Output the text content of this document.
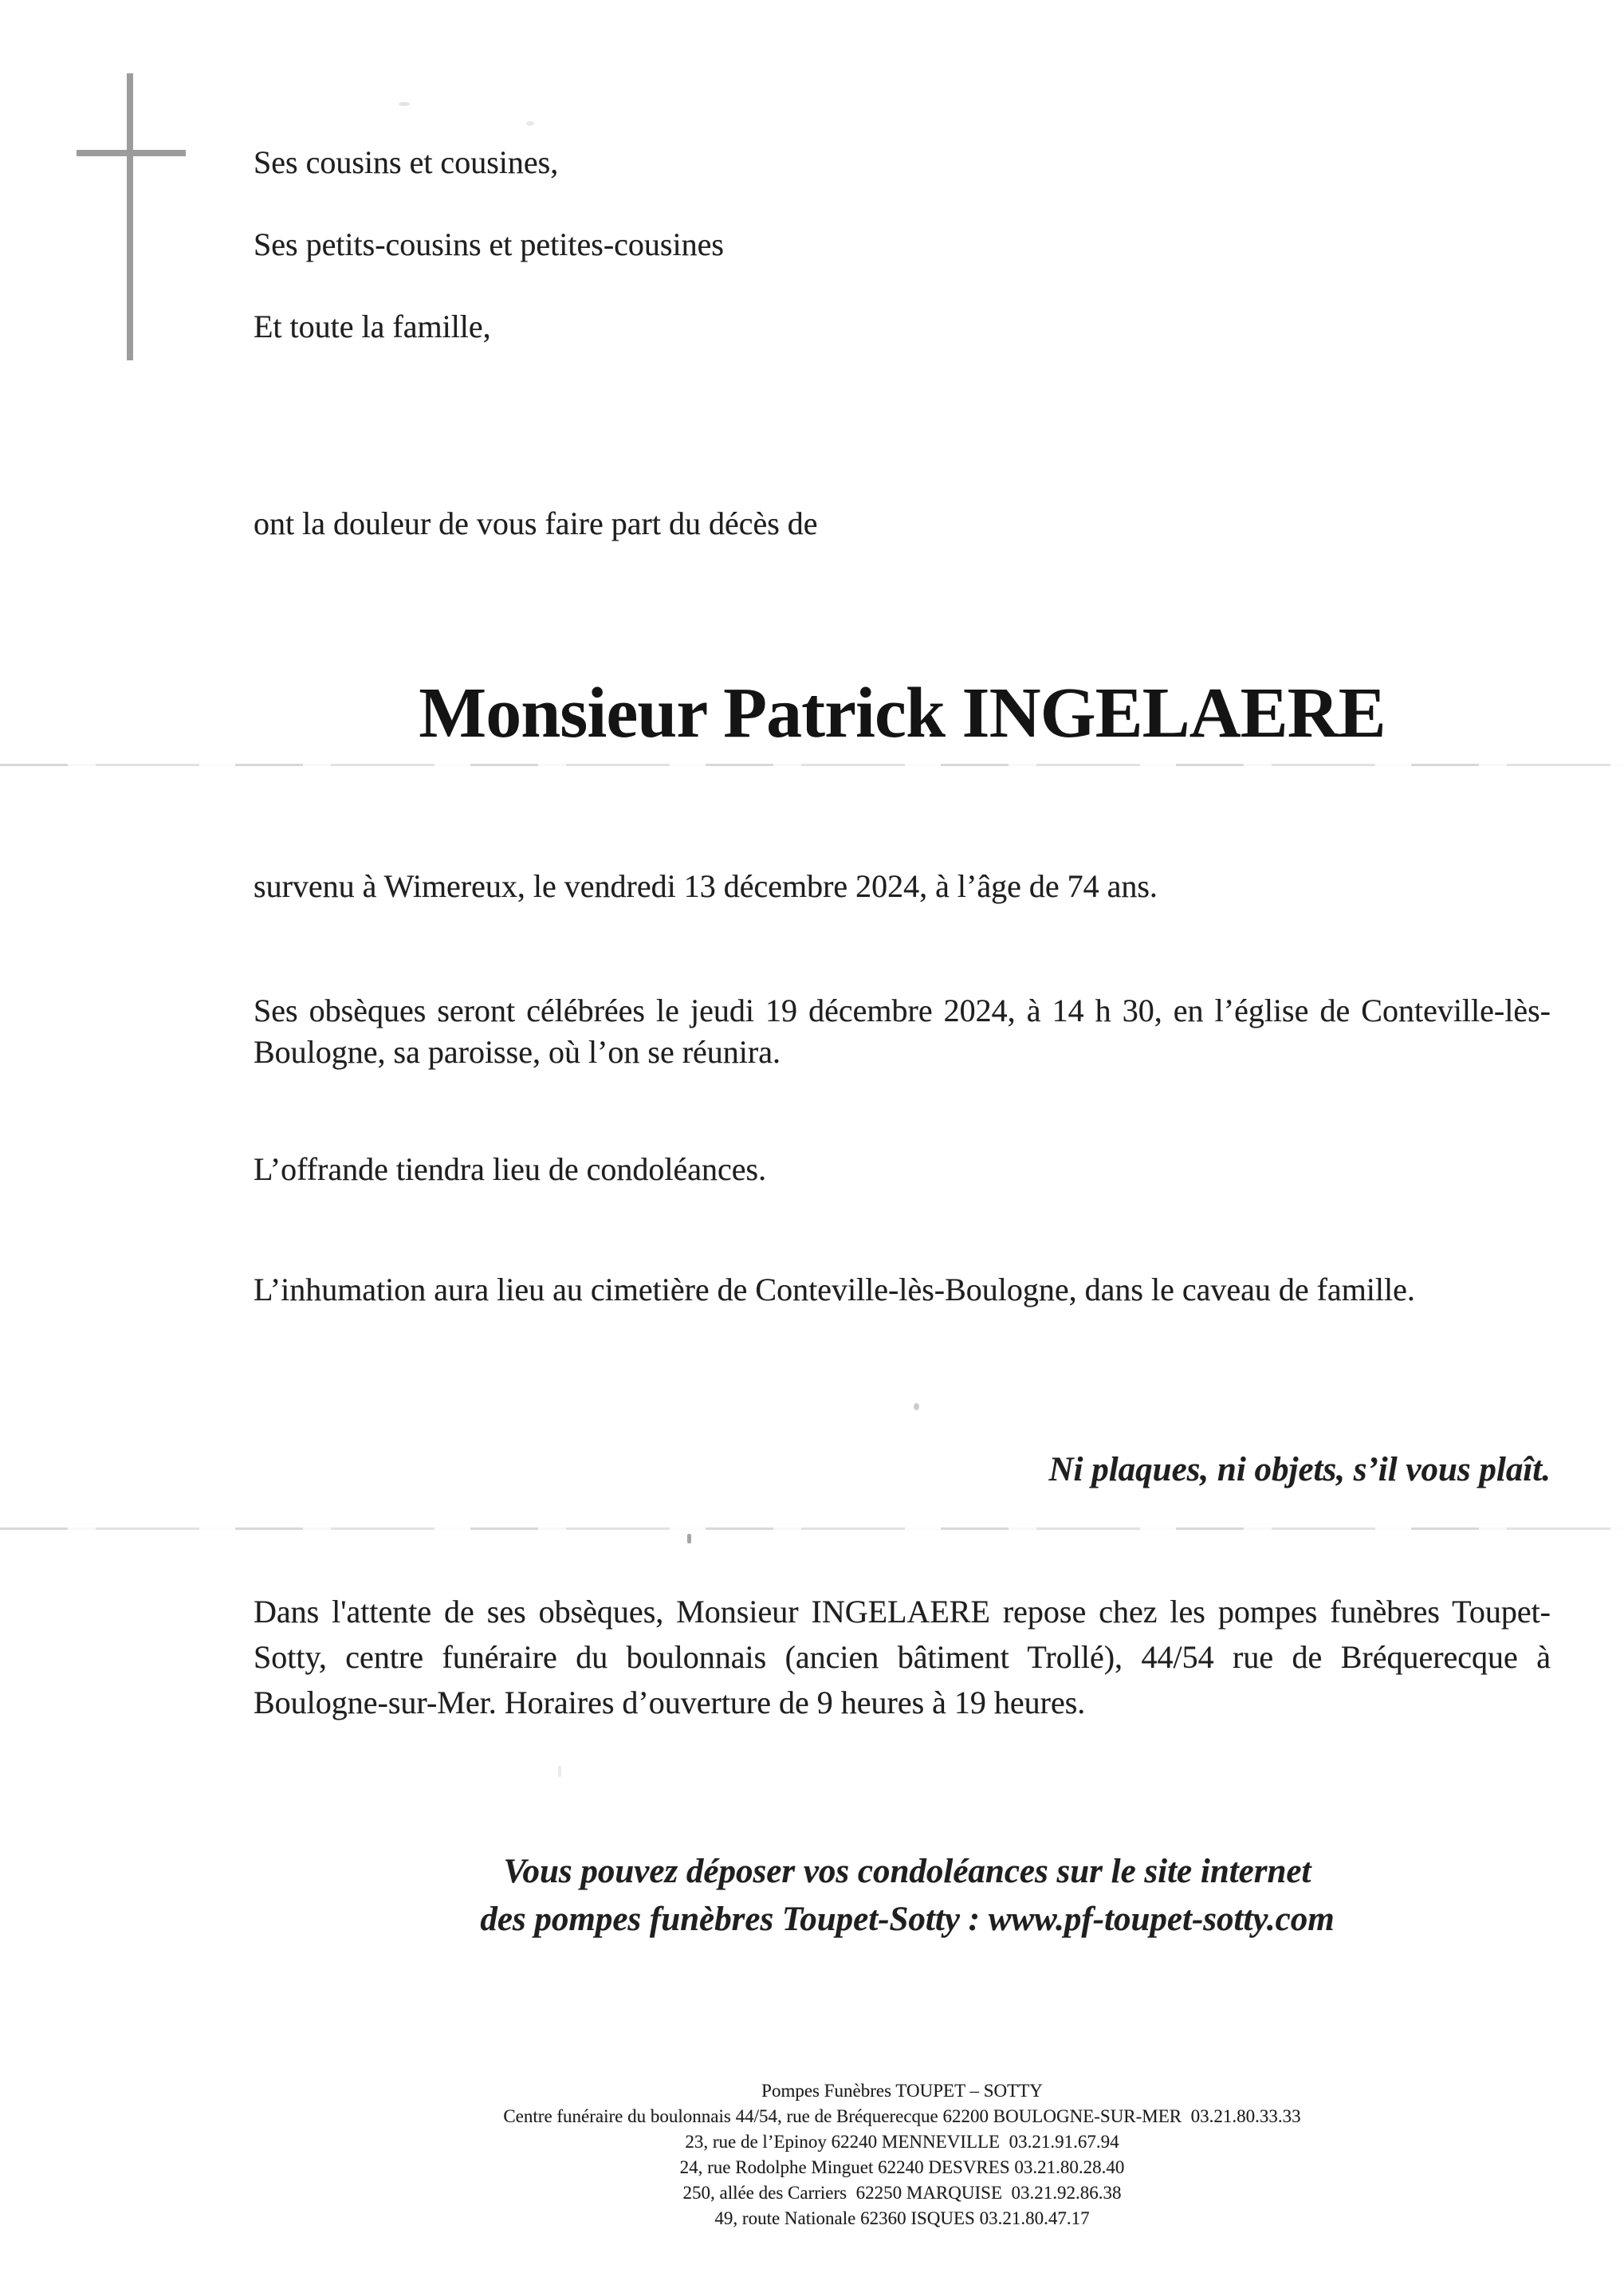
Ses cousins et cousines,
Ses petits-cousins et petites-cousines
Et toute la famille,
ont la douleur de vous faire part du décès de
Monsieur Patrick INGELAERE
survenu à Wimereux, le vendredi 13 décembre 2024, à l’âge de 74 ans.
Ses obsèques seront célébrées le jeudi 19 décembre 2024, à 14 h 30, en l’église de Conteville-lès-Boulogne, sa paroisse, où l’on se réunira.
L’offrande tiendra lieu de condoléances.
L’inhumation aura lieu au cimetière de Conteville-lès-Boulogne, dans le caveau de famille.
Ni plaques, ni objets, s’il vous plaît.
Dans l'attente de ses obsèques, Monsieur INGELAERE repose chez les pompes funèbres Toupet-Sotty, centre funéraire du boulonnais (ancien bâtiment Trollé), 44/54 rue de Bréquerecque à Boulogne-sur-Mer. Horaires d’ouverture de 9 heures à 19 heures.
Vous pouvez déposer vos condoléances sur le site internet
des pompes funèbres Toupet-Sotty : www.pf-toupet-sotty.com
Pompes Funèbres TOUPET – SOTTY
Centre funéraire du boulonnais 44/54, rue de Bréquerecque 62200 BOULOGNE-SUR-MER  03.21.80.33.33
23, rue de l’Epinoy 62240 MENNEVILLE  03.21.91.67.94
24, rue Rodolphe Minguet 62240 DESVRES 03.21.80.28.40
250, allée des Carriers  62250 MARQUISE  03.21.92.86.38
49, route Nationale 62360 ISQUES 03.21.80.47.17
